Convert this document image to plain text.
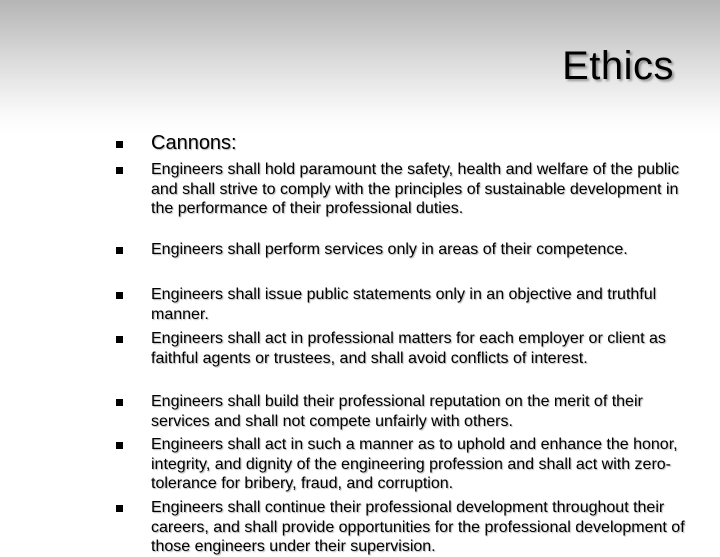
Ethics
Cannons:
Engineers shall hold paramount the safety, health and welfare of the public and shall strive to comply with the principles of sustainable development in the performance of their professional duties.
Engineers shall perform services only in areas of their competence.
Engineers shall issue public statements only in an objective and truthful manner.
Engineers shall act in professional matters for each employer or client as faithful agents or trustees, and shall avoid conflicts of interest.
Engineers shall build their professional reputation on the merit of their services and shall not compete unfairly with others.
Engineers shall act in such a manner as to uphold and enhance the honor, integrity, and dignity of the engineering profession and shall act with zero-tolerance for bribery, fraud, and corruption.
Engineers shall continue their professional development throughout their careers, and shall provide opportunities for the professional development of those engineers under their supervision.
